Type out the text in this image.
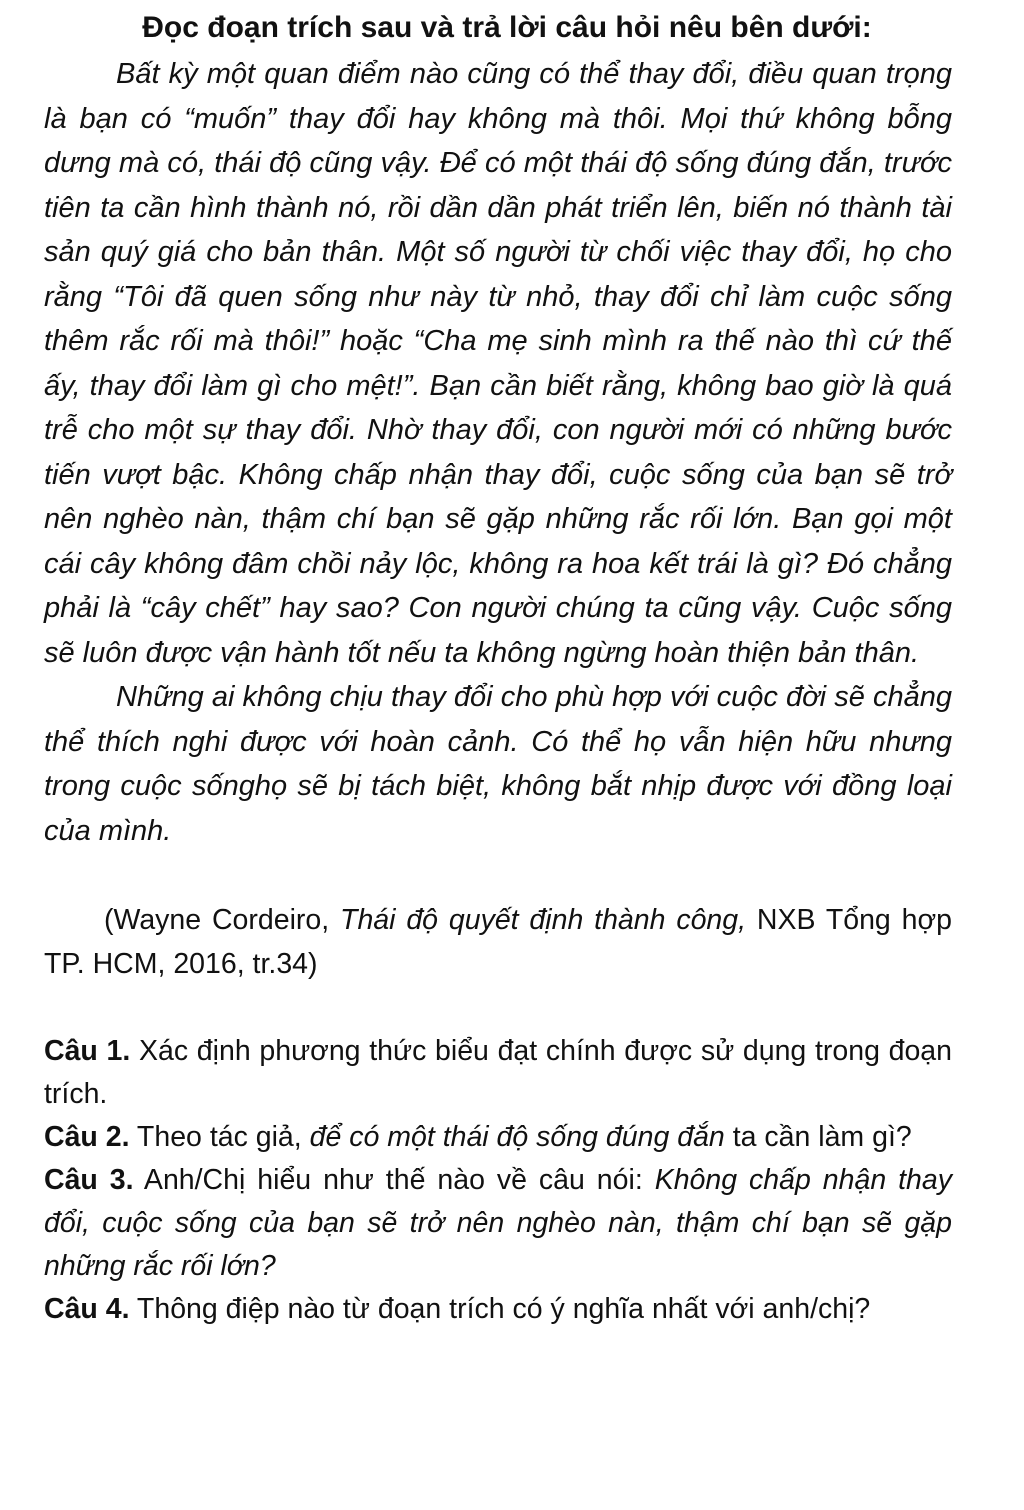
Đọc đoạn trích sau và trả lời câu hỏi nêu bên dưới:

Bất kỳ một quan điểm nào cũng có thể thay đổi, điều quan trọng là bạn có “muốn” thay đổi hay không mà thôi. Mọi thứ không bỗng dưng mà có, thái độ cũng vậy. Để có một thái độ sống đúng đắn, trước tiên ta cần hình thành nó, rồi dần dần phát triển lên, biến nó thành tài sản quý giá cho bản thân. Một số người từ chối việc thay đổi, họ cho rằng “Tôi đã quen sống như này từ nhỏ, thay đổi chỉ làm cuộc sống thêm rắc rối mà thôi!” hoặc “Cha mẹ sinh mình ra thế nào thì cứ thế ấy, thay đổi làm gì cho mệt!”. Bạn cần biết rằng, không bao giờ là quá trễ cho một sự thay đổi. Nhờ thay đổi, con người mới có những bước tiến vượt bậc. Không chấp nhận thay đổi, cuộc sống của bạn sẽ trở nên nghèo nàn, thậm chí bạn sẽ gặp những rắc rối lớn. Bạn gọi một cái cây không đâm chồi nảy lộc, không ra hoa kết trái là gì? Đó chẳng phải là “cây chết” hay sao? Con người chúng ta cũng vậy. Cuộc sống sẽ luôn được vận hành tốt nếu ta không ngừng hoàn thiện bản thân.

Những ai không chịu thay đổi cho phù hợp với cuộc đời sẽ chẳng thể thích nghi được với hoàn cảnh. Có thể họ vẫn hiện hữu nhưng trong cuộc sốnghọ sẽ bị tách biệt, không bắt nhịp được với đồng loại của mình.

(Wayne Cordeiro, Thái độ quyết định thành công, NXB Tổng hợp TP. HCM, 2016, tr.34)

Câu 1. Xác định phương thức biểu đạt chính được sử dụng trong đoạn trích.

Câu 2. Theo tác giả, để có một thái độ sống đúng đắn ta cần làm gì?

Câu 3. Anh/Chị hiểu như thế nào về câu nói: Không chấp nhận thay đổi, cuộc sống của bạn sẽ trở nên nghèo nàn, thậm chí bạn sẽ gặp những rắc rối lớn?

Câu 4. Thông điệp nào từ đoạn trích có ý nghĩa nhất với anh/chị?
